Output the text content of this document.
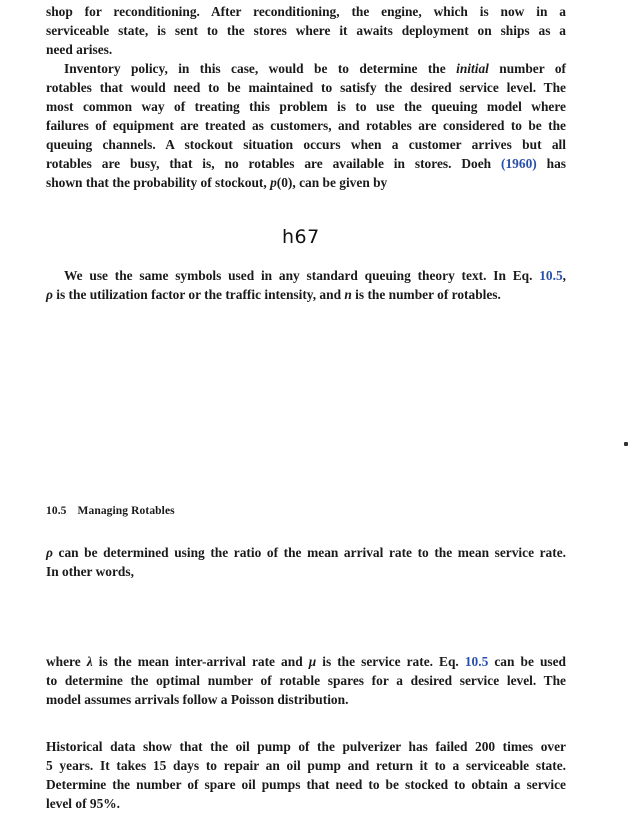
shop for reconditioning. After reconditioning, the engine, which is now in a
serviceable state, is sent to the stores where it awaits deployment on ships as a
need arises.

Inventory policy, in this case, would be to determine the initial number of
rotables that would need to be maintained to satisfy the desired service level. The
most common way of treating this problem is to use the queuing model where
failures of equipment are treated as customers, and rotables are considered to be the
queuing channels. A stockout situation occurs when a customer arrives but all
rotables are busy, that is, no rotables are available in stores. Doeh (1960) has
shown that the probability of stockout, p(0), can be given by

h67

We use the same symbols used in any standard queuing theory text. In Eq. 10.5,
ρ is the utilization factor or the traffic intensity, and n is the number of rotables.

10.5 Managing Rotables

ρ can be determined using the ratio of the mean arrival rate to the mean service rate.
In other words,

where λ is the mean inter-arrival rate and μ is the service rate. Eq. 10.5 can be used
to determine the optimal number of rotable spares for a desired service level. The
model assumes arrivals follow a Poisson distribution.

Historical data show that the oil pump of the pulverizer has failed 200 times over
5 years. It takes 15 days to repair an oil pump and return it to a serviceable state.
Determine the number of spare oil pumps that need to be stocked to obtain a service
level of 95%.
